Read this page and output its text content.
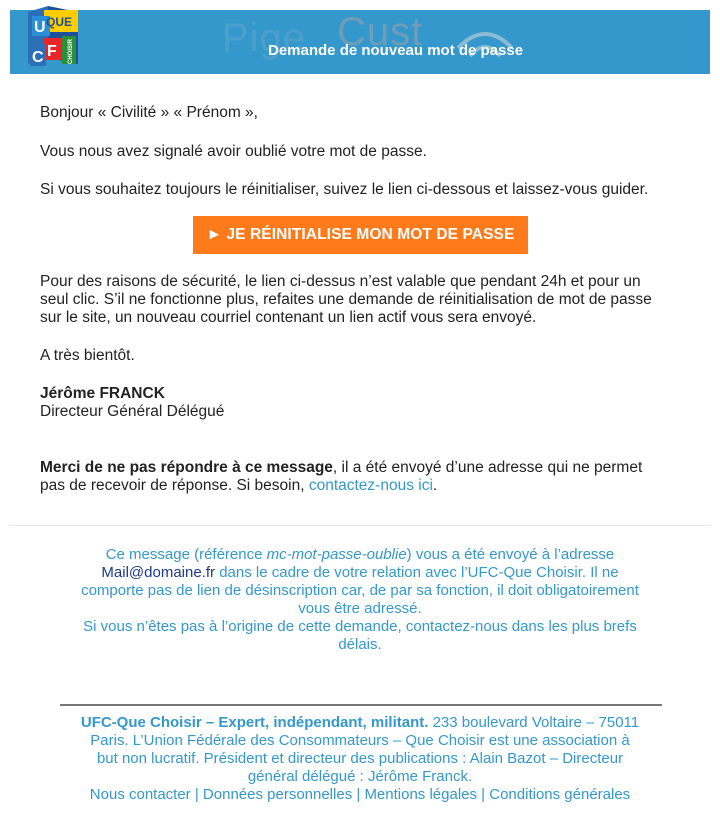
Pige Cust
Demande de nouveau mot de passe
U
F
C
QUE
CHOISIR
Bonjour « Civilité » « Prénom »,
Vous nous avez signalé avoir oublié votre mot de passe.
Si vous souhaitez toujours le réinitialiser, suivez le lien ci-dessous et laissez-vous guider.
► JE RÉINITIALISE MON MOT DE PASSE
Pour des raisons de sécurité, le lien ci-dessus n’est valable que pendant 24h et pour un
seul clic. S’il ne fonctionne plus, refaites une demande de réinitialisation de mot de passe
sur le site, un nouveau courriel contenant un lien actif vous sera envoyé.
A très bientôt.
Jérôme FRANCK
Directeur Général Délégué
Merci de ne pas répondre à ce message, il a été envoyé d’une adresse qui ne permet
pas de recevoir de réponse. Si besoin, contactez-nous ici.
Ce message (référence mc-mot-passe-oublie) vous a été envoyé à l’adresse
Mail@domaine.fr dans le cadre de votre relation avec l’UFC-Que Choisir. Il ne
comporte pas de lien de désinscription car, de par sa fonction, il doit obligatoirement
vous être adressé.
Si vous n’êtes pas à l’origine de cette demande, contactez-nous dans les plus brefs
délais.
UFC-Que Choisir – Expert, indépendant, militant. 233 boulevard Voltaire – 75011
Paris. L’Union Fédérale des Consommateurs – Que Choisir est une association à
but non lucratif. Président et directeur des publications : Alain Bazot – Directeur
général délégué : Jérôme Franck.
Nous contacter | Données personnelles | Mentions légales | Conditions générales
